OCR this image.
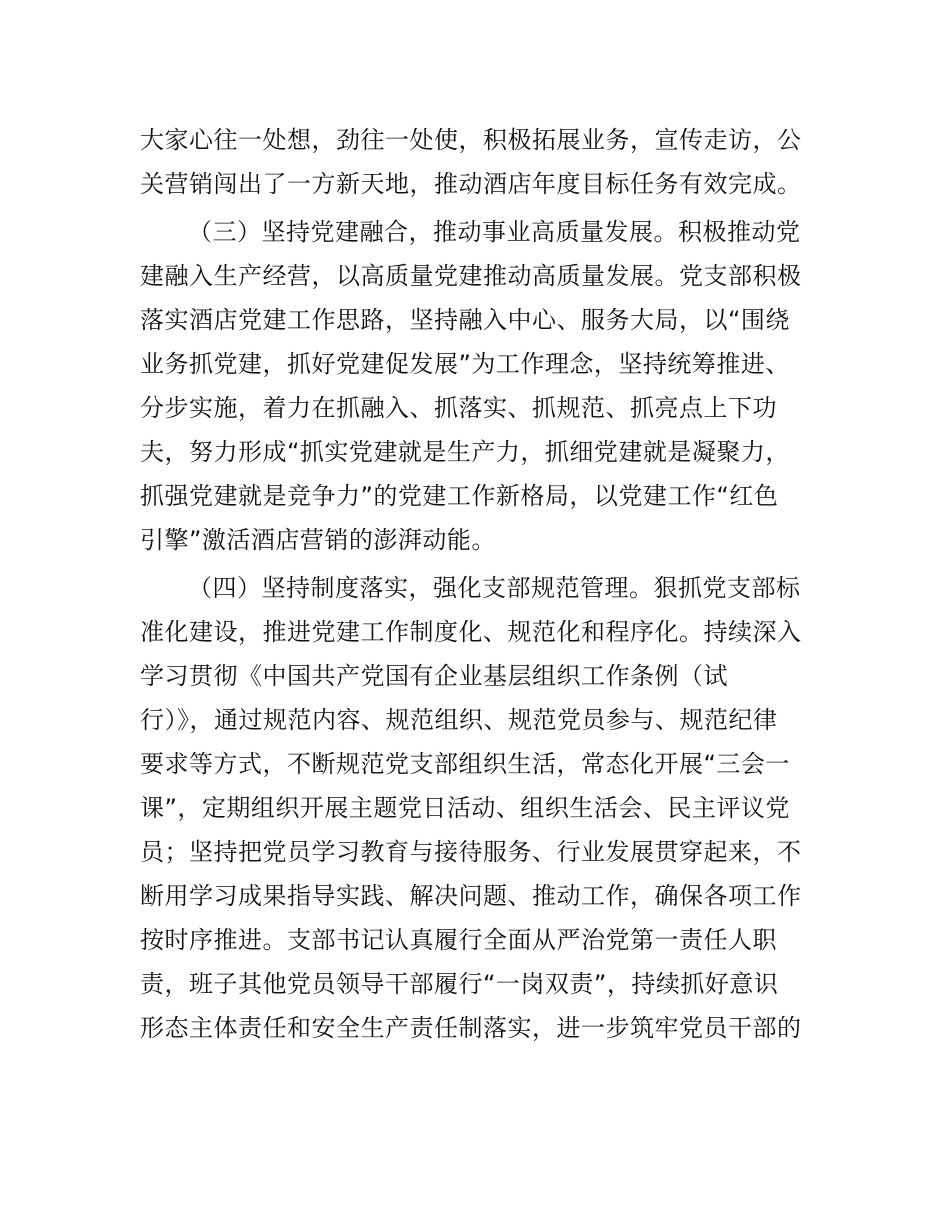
大家心往一处想，劲往一处使，积极拓展业务，宣传走访，公
关营销闯出了一方新天地，推动酒店年度目标任务有效完成。
（三）坚持党建融合，推动事业高质量发展。积极推动党
建融入生产经营，以高质量党建推动高质量发展。党支部积极
落实酒店党建工作思路，坚持融入中心、服务大局，以“围绕
业务抓党建，抓好党建促发展”为工作理念，坚持统筹推进、
分步实施，着力在抓融入、抓落实、抓规范、抓亮点上下功
夫，努力形成“抓实党建就是生产力，抓细党建就是凝聚力，
抓强党建就是竞争力”的党建工作新格局，以党建工作“红色
引擎”激活酒店营销的澎湃动能。
（四）坚持制度落实，强化支部规范管理。狠抓党支部标
准化建设，推进党建工作制度化、规范化和程序化。持续深入
学习贯彻《中国共产党国有企业基层组织工作条例（试
行）》，通过规范内容、规范组织、规范党员参与、规范纪律
要求等方式，不断规范党支部组织生活，常态化开展“三会一
课”，定期组织开展主题党日活动、组织生活会、民主评议党
员；坚持把党员学习教育与接待服务、行业发展贯穿起来，不
断用学习成果指导实践、解决问题、推动工作，确保各项工作
按时序推进。支部书记认真履行全面从严治党第一责任人职
责，班子其他党员领导干部履行“一岗双责”，持续抓好意识
形态主体责任和安全生产责任制落实，进一步筑牢党员干部的
